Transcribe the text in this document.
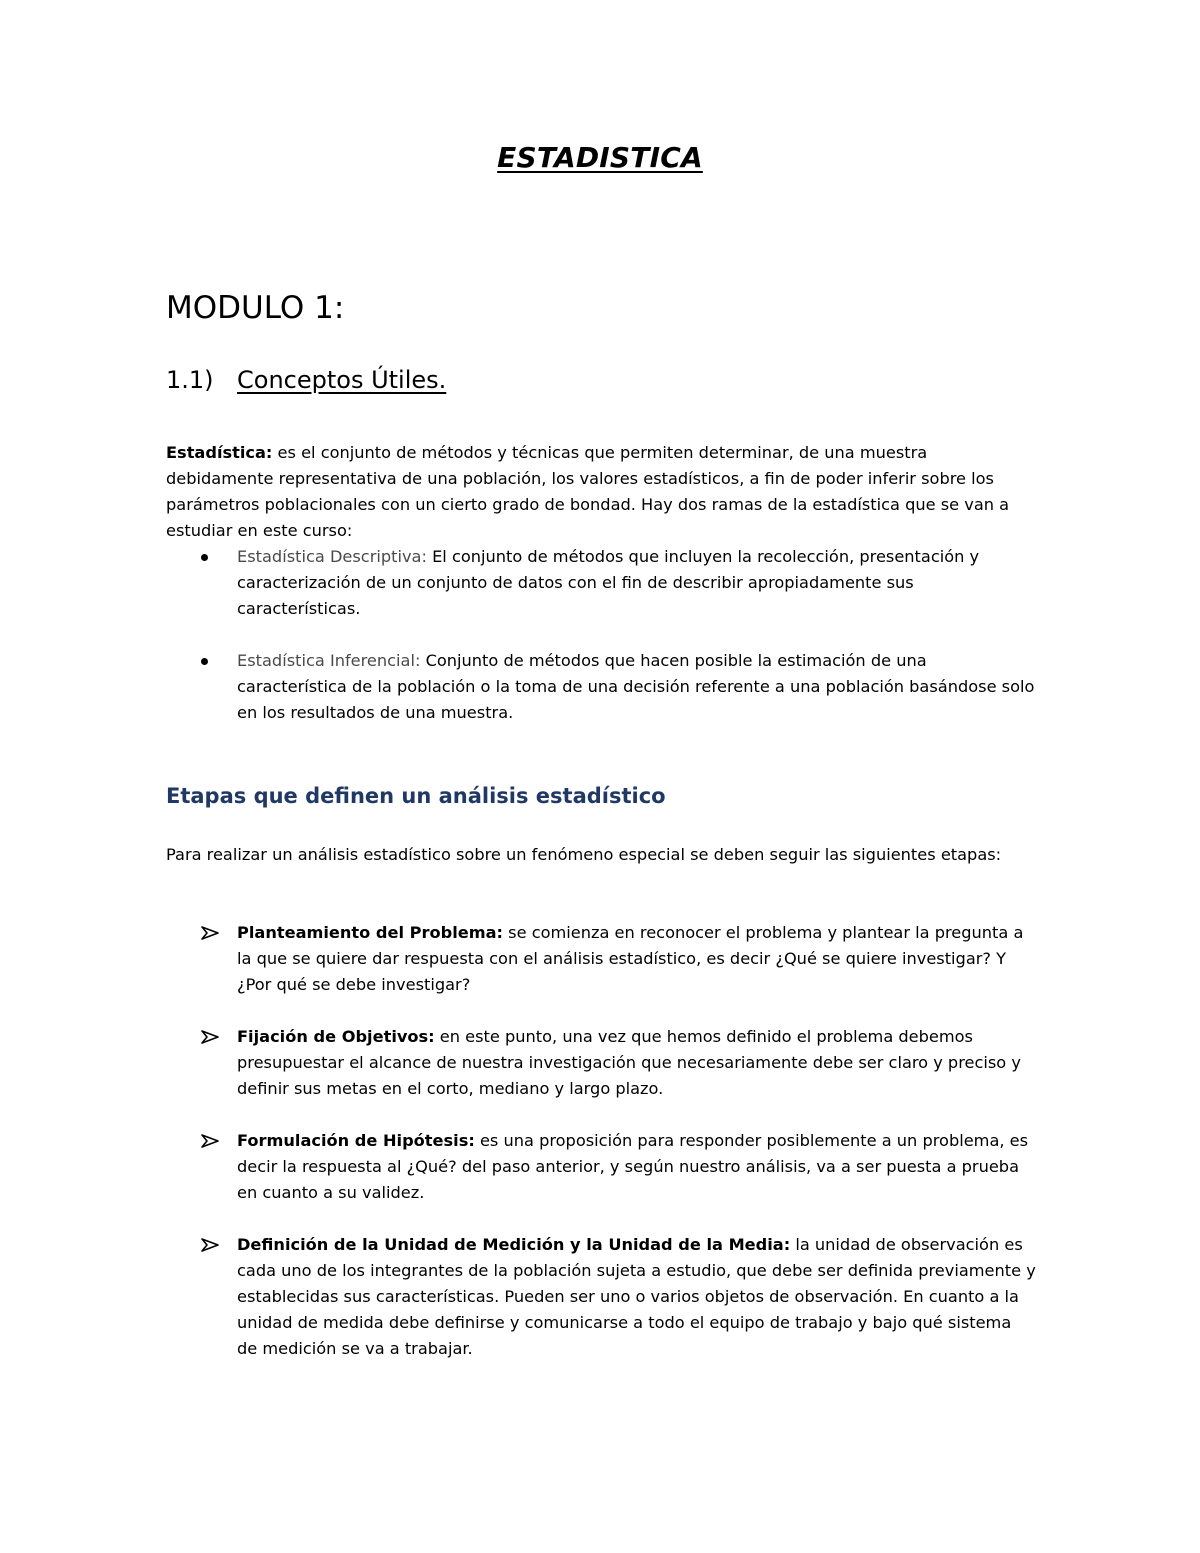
ESTADISTICA
MODULO 1:
1.1) Conceptos Útiles.

Estadística: es el conjunto de métodos y técnicas que permiten determinar, de una muestra debidamente representativa de una población, los valores estadísticos, a fin de poder inferir sobre los parámetros poblacionales con un cierto grado de bondad. Hay dos ramas de la estadística que se van a estudiar en este curso:

Estadística Descriptiva: El conjunto de métodos que incluyen la recolección, presentación y caracterización de un conjunto de datos con el fin de describir apropiadamente sus características.
Estadística Inferencial: Conjunto de métodos que hacen posible la estimación de una característica de la población o la toma de una decisión referente a una población basándose solo en los resultados de una muestra.
Etapas que definen un análisis estadístico

Para realizar un análisis estadístico sobre un fenómeno especial se deben seguir las siguientes etapas:

Planteamiento del Problema: se comienza en reconocer el problema y plantear la pregunta a la que se quiere dar respuesta con el análisis estadístico, es decir ¿Qué se quiere investigar? Y ¿Por qué se debe investigar?
Fijación de Objetivos: en este punto, una vez que hemos definido el problema debemos presupuestar el alcance de nuestra investigación que necesariamente debe ser claro y preciso y definir sus metas en el corto, mediano y largo plazo.
Formulación de Hipótesis: es una proposición para responder posiblemente a un problema, es decir la respuesta al ¿Qué? del paso anterior, y según nuestro análisis, va a ser puesta a prueba en cuanto a su validez.
Definición de la Unidad de Medición y la Unidad de la Media: la unidad de observación es cada uno de los integrantes de la población sujeta a estudio, que debe ser definida previamente y establecidas sus características. Pueden ser uno o varios objetos de observación. En cuanto a la unidad de medida debe definirse y comunicarse a todo el equipo de trabajo y bajo qué sistema de medición se va a trabajar.
